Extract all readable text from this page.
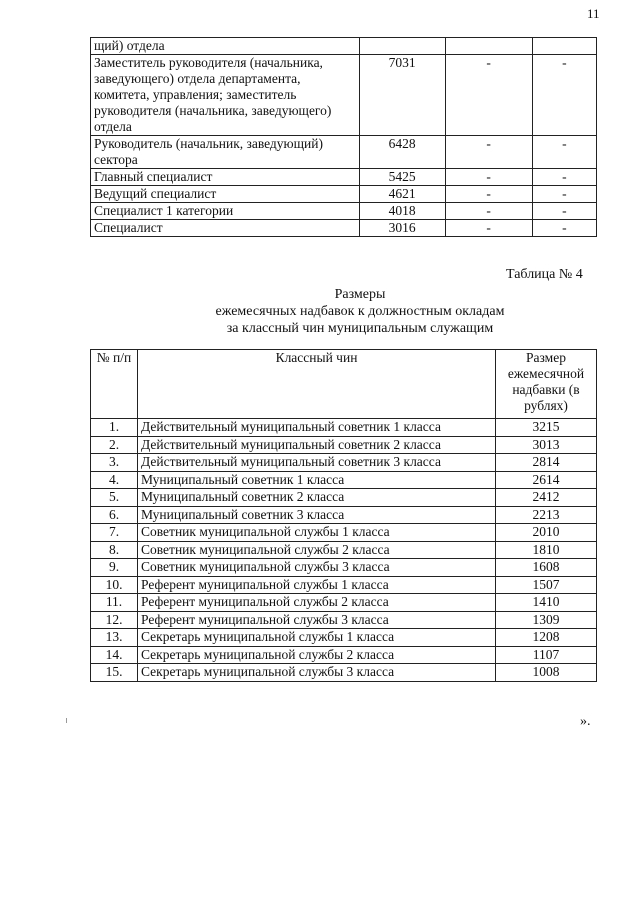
11
щий) отдела			
Заместитель руководителя (начальника, заведующего) отдела департамента, комитета, управления; заместитель руководителя (начальника, заведующего) отдела	7031	-	-
Руководитель (начальник, заведующий) сектора	6428	-	-
Главный специалист	5425	-	-
Ведущий специалист	4621	-	-
Специалист 1 категории	4018	-	-
Специалист	3016	-	-
Таблица № 4
Размеры
ежемесячных надбавок к должностным окладам
за классный чин муниципальным служащим
№ п/п	Классный чин	Размер ежемесячной надбавки (в рублях)
1.	Действительный муниципальный советник 1 класса	3215
2.	Действительный муниципальный советник 2 класса	3013
3.	Действительный муниципальный советник 3 класса	2814
4.	Муниципальный советник 1 класса	2614
5.	Муниципальный советник 2 класса	2412
6.	Муниципальный советник 3 класса	2213
7.	Советник муниципальной службы 1 класса	2010
8.	Советник муниципальной службы 2 класса	1810
9.	Советник муниципальной службы 3 класса	1608
10.	Референт муниципальной службы 1 класса	1507
11.	Референт муниципальной службы 2 класса	1410
12.	Референт муниципальной службы 3 класса	1309
13.	Секретарь муниципальной службы 1 класса	1208
14.	Секретарь муниципальной службы 2 класса	1107
15.	Секретарь муниципальной службы 3 класса	1008
».
